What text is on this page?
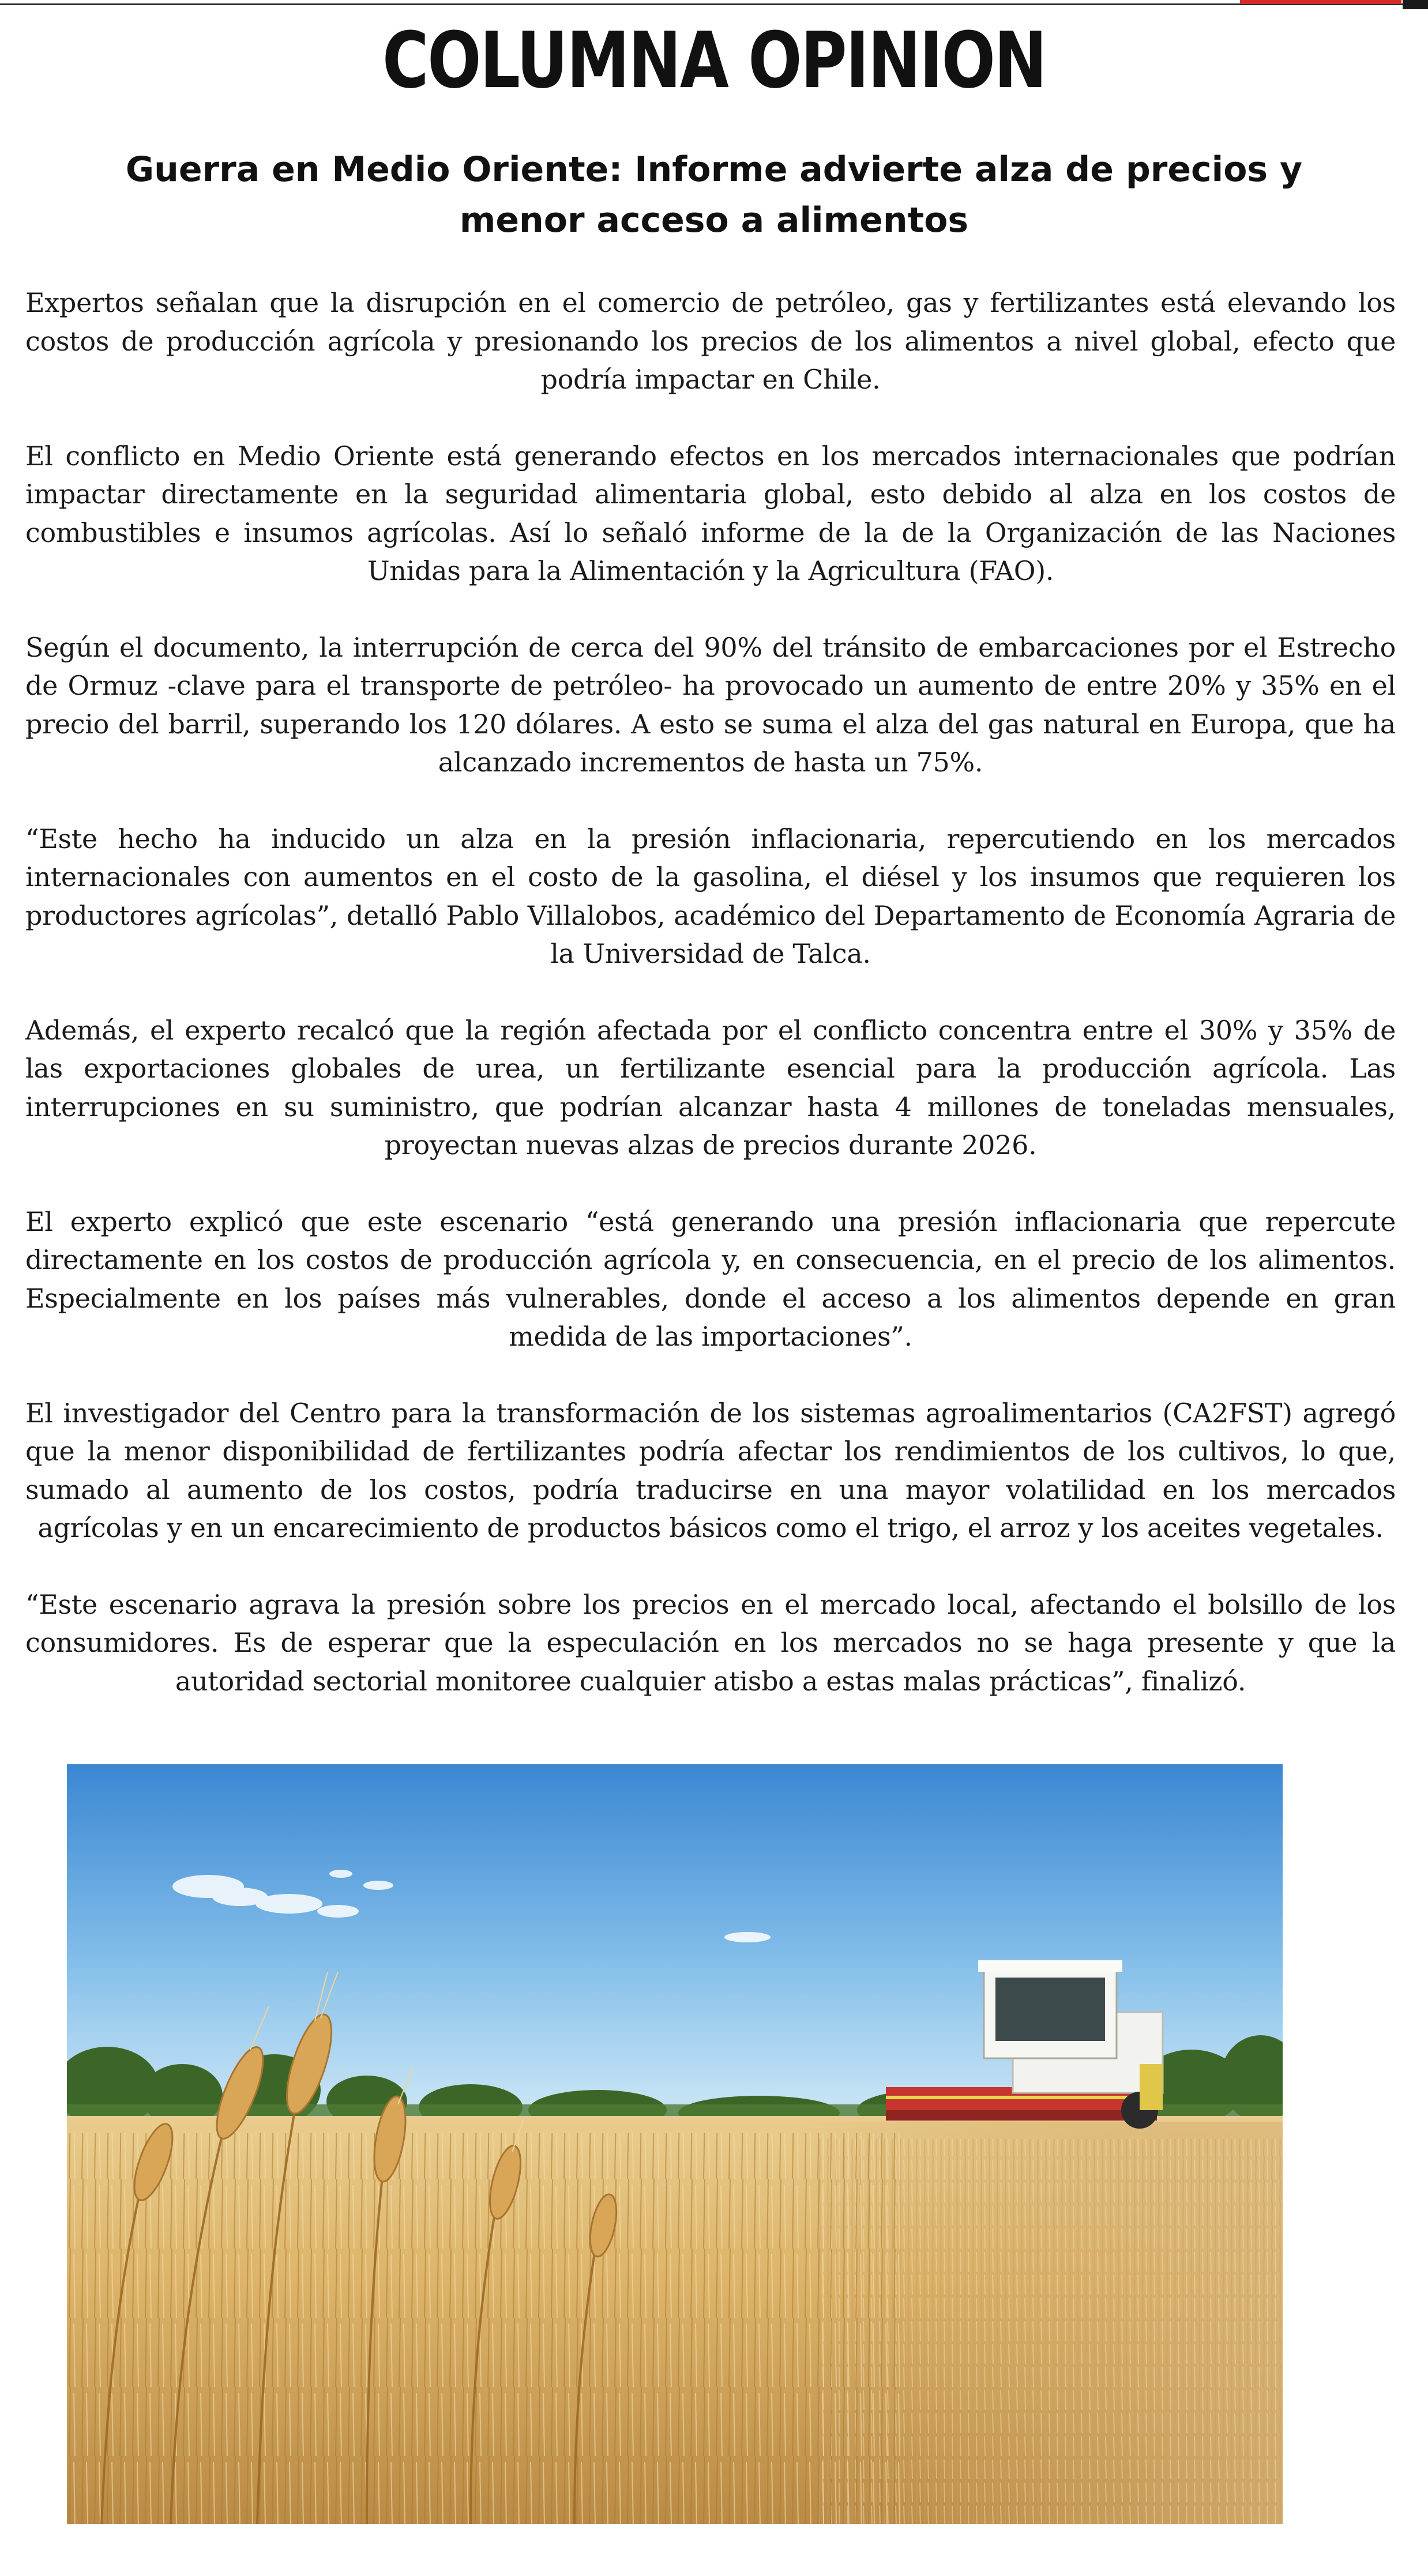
COLUMNA OPINION
Guerra en Medio Oriente: Informe advierte alza de precios y menor acceso a alimentos

Expertos señalan que la disrupción en el comercio de petróleo, gas y fertilizantes está elevando los costos de producción agrícola y presionando los precios de los alimentos a nivel global, efecto que podría impactar en Chile.

El conflicto en Medio Oriente está generando efectos en los mercados internacionales que podrían impactar directamente en la seguridad alimentaria global, esto debido al alza en los costos de combustibles e insumos agrícolas. Así lo señaló informe de la de la Organización de las Naciones Unidas para la Alimentación y la Agricultura (FAO).

Según el documento, la interrupción de cerca del 90% del tránsito de embarcaciones por el Estrecho de Ormuz -clave para el transporte de petróleo- ha provocado un aumento de entre 20% y 35% en el precio del barril, superando los 120 dólares. A esto se suma el alza del gas natural en Europa, que ha alcanzado incrementos de hasta un 75%.

“Este hecho ha inducido un alza en la presión inflacionaria, repercutiendo en los mercados internacionales con aumentos en el costo de la gasolina, el diésel y los insumos que requieren los productores agrícolas”, detalló Pablo Villalobos, académico del Departamento de Economía Agraria de la Universidad de Talca.

Además, el experto recalcó que la región afectada por el conflicto concentra entre el 30% y 35% de las exportaciones globales de urea, un fertilizante esencial para la producción agrícola. Las interrupciones en su suministro, que podrían alcanzar hasta 4 millones de toneladas mensuales, proyectan nuevas alzas de precios durante 2026.

El experto explicó que este escenario “está generando una presión inflacionaria que repercute directamente en los costos de producción agrícola y, en consecuencia, en el precio de los alimentos. Especialmente en los países más vulnerables, donde el acceso a los alimentos depende en gran medida de las importaciones”.

El investigador del Centro para la transformación de los sistemas agroalimentarios (CA2FST) agregó que la menor disponibilidad de fertilizantes podría afectar los rendimientos de los cultivos, lo que, sumado al aumento de los costos, podría traducirse en una mayor volatilidad en los mercados agrícolas y en un encarecimiento de productos básicos como el trigo, el arroz y los aceites vegetales.

“Este escenario agrava la presión sobre los precios en el mercado local, afectando el bolsillo de los consumidores. Es de esperar que la especulación en los mercados no se haga presente y que la autoridad sectorial monitoree cualquier atisbo a estas malas prácticas”, finalizó.
